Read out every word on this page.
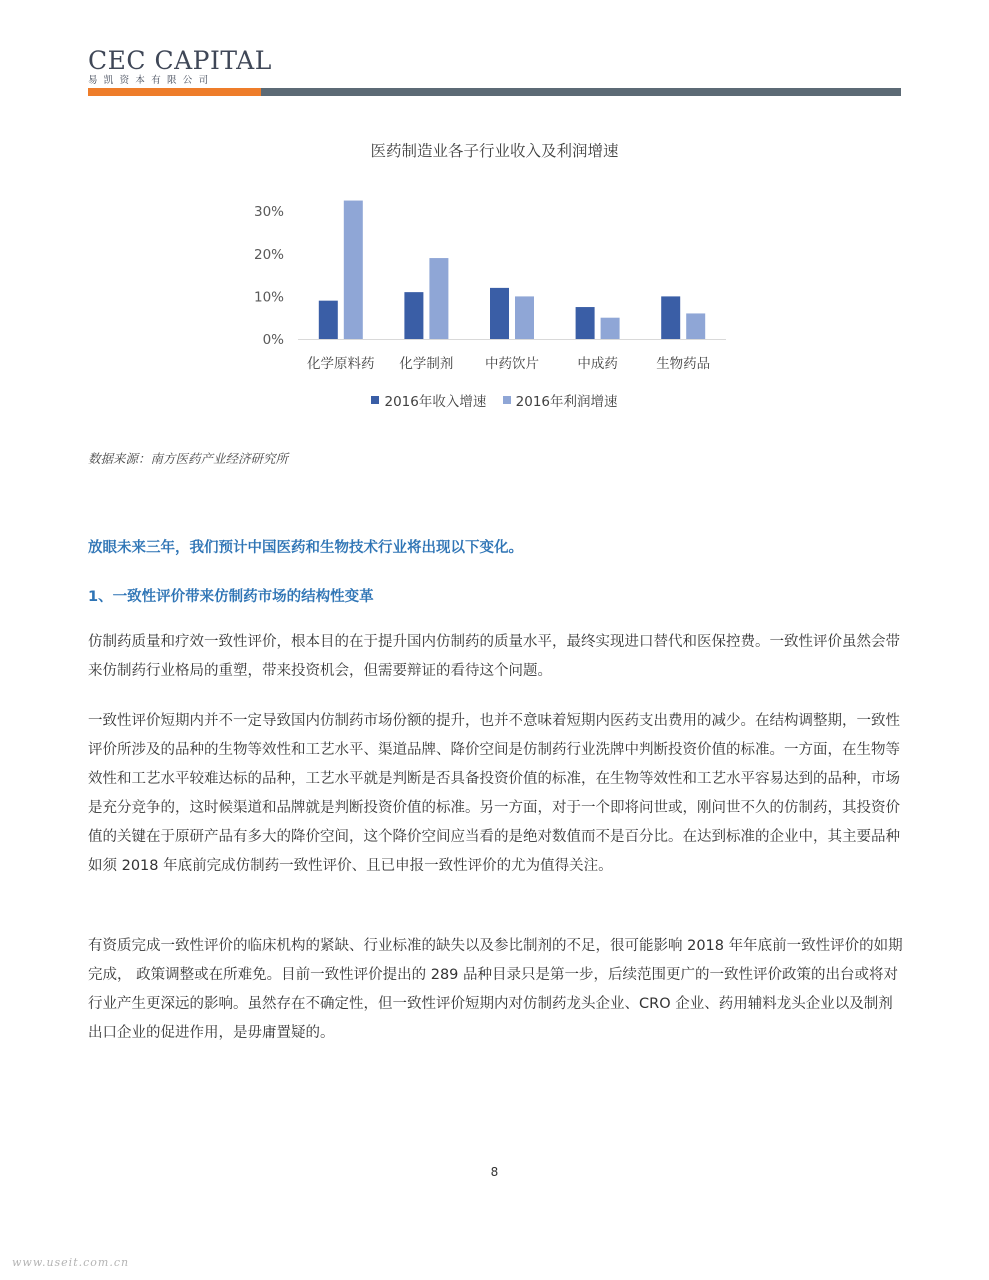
CEC CAPITAL
易凯资本有限公司
医药制造业各子行业收入及利润增速
0%
10%
20%
30%
化学原料药 化学制剂 中药饮片	中成药	生物药品
2016年收入增速
2016年利润增速
数据来源：南方医药产业经济研究所
放眼未来三年，我们预计中国医药和生物技术行业将出现以下变化。
1、一致性评价带来仿制药市场的结构性变革

仿制药质量和疗效一致性评价，根本目的在于提升国内仿制药的质量水平，最终实现进口替代和医保控费。一致性评价虽然会带来仿制药行业格局的重塑，带来投资机会，但需要辩证的看待这个问题。

一致性评价短期内并不一定导致国内仿制药市场份额的提升，也并不意味着短期内医药支出费用的减少。在结构调整期，一致性评价所涉及的品种的生物等效性和工艺水平、渠道品牌、降价空间是仿制药行业洗牌中判断投资价值的标准。一方面，在生物等效性和工艺水平较难达标的品种，工艺水平就是判断是否具备投资价值的标准，在生物等效性和工艺水平容易达到的品种，市场是充分竞争的，这时候渠道和品牌就是判断投资价值的标准。另一方面，对于一个即将问世或，刚问世不久的仿制药，其投资价值的关键在于原研产品有多大的降价空间，这个降价空间应当看的是绝对数值而不是百分比。在达到标准的企业中，其主要品种如须 2018 年底前完成仿制药一致性评价、且已申报一致性评价的尤为值得关注。

有资质完成一致性评价的临床机构的紧缺、行业标准的缺失以及参比制剂的不足，很可能影响 2018 年年底前一致性评价的如期完成， 政策调整或在所难免。目前一致性评价提出的 289 品种目录只是第一步，后续范围更广的一致性评价政策的出台或将对行业产生更深远的影响。虽然存在不确定性，但一致性评价短期内对仿制药龙头企业、CRO 企业、药用辅料龙头企业以及制剂出口企业的促进作用，是毋庸置疑的。

8
www.useit.com.cn
